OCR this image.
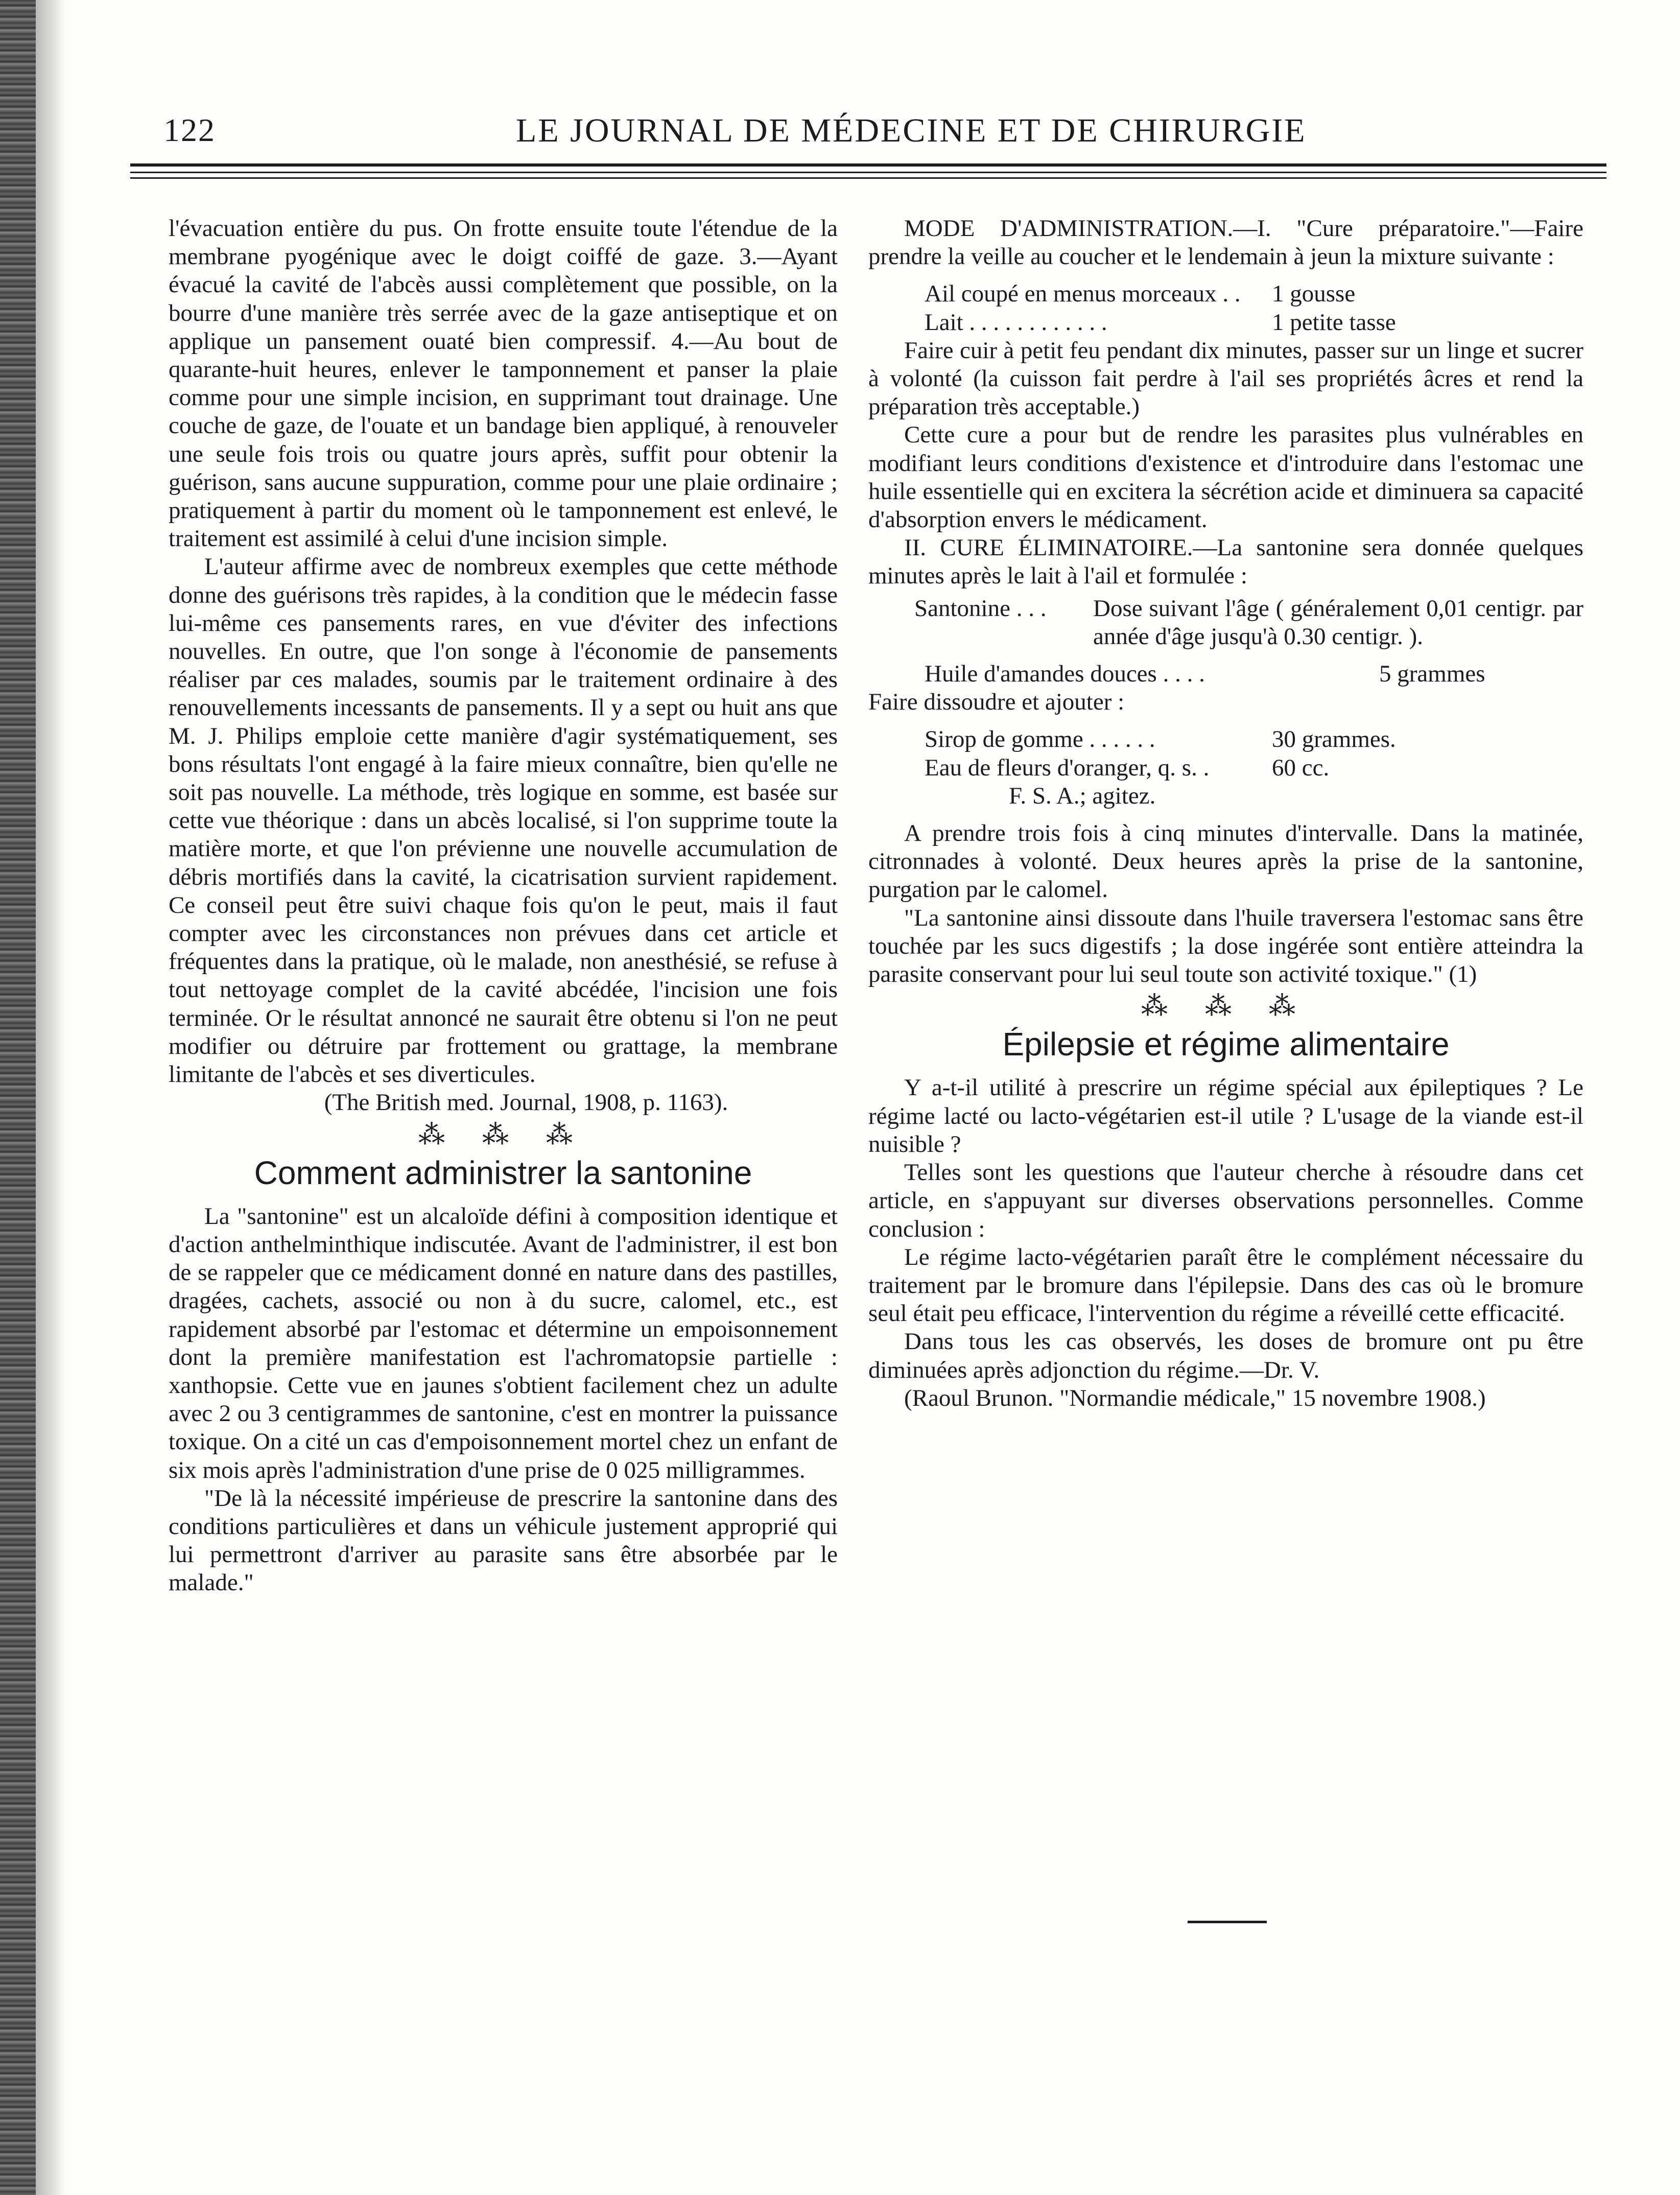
122	LE JOURNAL DE MÉDECINE ET DE CHIRURGIE

l'évacuation entière du pus. On frotte ensuite toute l'étendue de la membrane pyogénique avec le doigt coiffé de gaze. 3.—Ayant évacué la cavité de l'abcès aussi complètement que possible, on la bourre d'une manière très serrée avec de la gaze antiseptique et on applique un pansement ouaté bien compressif. 4.—Au bout de quarante-huit heures, enlever le tamponnement et panser la plaie comme pour une simple incision, en supprimant tout drainage. Une couche de gaze, de l'ouate et un bandage bien appliqué, à renouveler une seule fois trois ou quatre jours après, suffit pour obtenir la guérison, sans aucune suppuration, comme pour une plaie ordinaire ; pratiquement à partir du moment où le tamponnement est enlevé, le traitement est assimilé à celui d'une incision simple.

L'auteur affirme avec de nombreux exemples que cette méthode donne des guérisons très rapides, à la condition que le médecin fasse lui-même ces pansements rares, en vue d'éviter des infections nouvelles. En outre, que l'on songe à l'économie de pansements réaliser par ces malades, soumis par le traitement ordinaire à des renouvellements incessants de pansements. Il y a sept ou huit ans que M. J. Philips emploie cette manière d'agir systématiquement, ses bons résultats l'ont engagé à la faire mieux connaître, bien qu'elle ne soit pas nouvelle. La méthode, très logique en somme, est basée sur cette vue théorique : dans un abcès localisé, si l'on supprime toute la matière morte, et que l'on prévienne une nouvelle accumulation de débris mortifiés dans la cavité, la cicatrisation survient rapidement. Ce conseil peut être suivi chaque fois qu'on le peut, mais il faut compter avec les circonstances non prévues dans cet article et fréquentes dans la pratique, où le malade, non anesthésié, se refuse à tout nettoyage complet de la cavité abcédée, l'incision une fois terminée. Or le résultat annoncé ne saurait être obtenu si l'on ne peut modifier ou détruire par frottement ou grattage, la membrane limitante de l'abcès et ses diverticules.

(The British med. Journal, 1908, p. 1163).

⁂ ⁂ ⁂
Comment administrer la santonine

La "santonine" est un alcaloïde défini à composition identique et d'action anthelminthique indiscutée. Avant de l'administrer, il est bon de se rappeler que ce médicament donné en nature dans des pastilles, dragées, cachets, associé ou non à du sucre, calomel, etc., est rapidement absorbé par l'estomac et détermine un empoisonnement dont la première manifestation est l'achromatopsie partielle : xanthopsie. Cette vue en jaunes s'obtient facilement chez un adulte avec 2 ou 3 centigrammes de santonine, c'est en montrer la puissance toxique. On a cité un cas d'empoisonnement mortel chez un enfant de six mois après l'administration d'une prise de 0 025 milligrammes.

"De là la nécessité impérieuse de prescrire la santonine dans des conditions particulières et dans un véhicule justement approprié qui lui permettront d'arriver au parasite sans être absorbée par le malade."

MODE D'ADMINISTRATION.—I. "Cure préparatoire."—Faire prendre la veille au coucher et le lendemain à jeun la mixture suivante :

Ail coupé en menus morceaux . .	1 gousse
Lait . . . . . . . . . . . .	1 petite tasse

Faire cuir à petit feu pendant dix minutes, passer sur un linge et sucrer à volonté (la cuisson fait perdre à l'ail ses propriétés âcres et rend la préparation très acceptable.)

Cette cure a pour but de rendre les parasites plus vulnérables en modifiant leurs conditions d'existence et d'introduire dans l'estomac une huile essentielle qui en excitera la sécrétion acide et diminuera sa capacité d'absorption envers le médicament.

II. CURE ÉLIMINATOIRE.—La santonine sera donnée quelques minutes après le lait à l'ail et formulée :

Santonine . . .	Dose suivant l'âge ( généralement 0,01 centigr. par année d'âge jusqu'à 0.30 centigr. ).
Huile d'amandes douces . . . .	5 grammes

Faire dissoudre et ajouter :

Sirop de gomme . . . . . .	30 grammes.
Eau de fleurs d'oranger, q. s. .	60 cc.

F. S. A.; agitez.

A prendre trois fois à cinq minutes d'intervalle. Dans la matinée, citronnades à volonté. Deux heures après la prise de la santonine, purgation par le calomel.

"La santonine ainsi dissoute dans l'huile traversera l'estomac sans être touchée par les sucs digestifs ; la dose ingérée sont entière atteindra la parasite conservant pour lui seul toute son activité toxique." (1)

⁂ ⁂ ⁂
Épilepsie et régime alimentaire

Y a-t-il utilité à prescrire un régime spécial aux épileptiques ? Le régime lacté ou lacto-végétarien est-il utile ? L'usage de la viande est-il nuisible ?

Telles sont les questions que l'auteur cherche à résoudre dans cet article, en s'appuyant sur diverses observations personnelles. Comme conclusion :

Le régime lacto-végétarien paraît être le complément nécessaire du traitement par le bromure dans l'épilepsie. Dans des cas où le bromure seul était peu efficace, l'intervention du régime a réveillé cette efficacité.

Dans tous les cas observés, les doses de bromure ont pu être diminuées après adjonction du régime.—Dr. V.

(Raoul Brunon. "Normandie médicale," 15 novembre 1908.)
